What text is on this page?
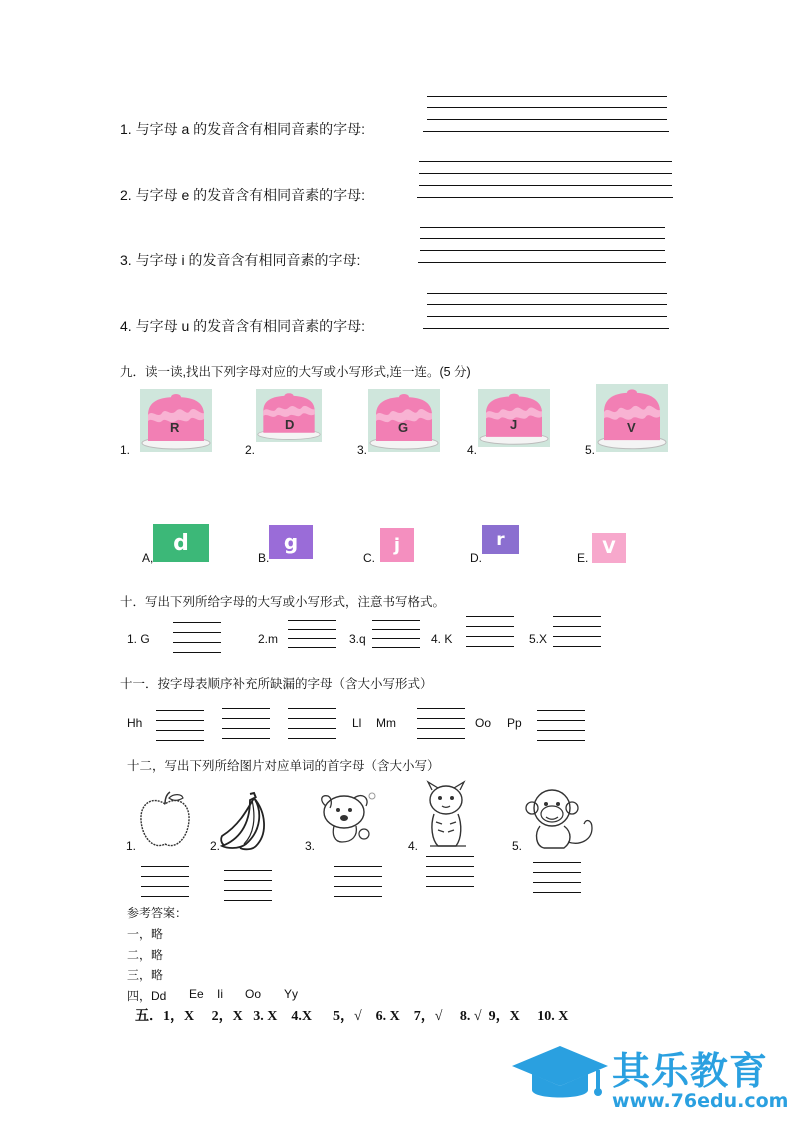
1. 与字母 a 的发音含有相同音素的字母:
2. 与字母 e 的发音含有相同音素的字母:
3. 与字母 i 的发音含有相同音素的字母:
4. 与字母 u 的发音含有相同音素的字母:
九．读一读,找出下列字母对应的大写或小写形式,连一连。(5 分)
1.	2.	3.	4.	5.
R	D	G	J	V
A,	B.	C.	D.	E.
d	g	j	r	V
十．写出下列所给字母的大写或小写形式，注意书写格式。
1. G	2.m	3.q	4. K	5.X
十一．按字母表顺序补充所缺漏的字母（含大小写形式）
Hh	Ll Mm	Oo Pp
十二，写出下列所给图片对应单词的首字母（含大小写）
1.	2.	3.	4.	5.
参考答案：
一，略
二，略
三，略
四，Dd Ee Ii Oo Yy
五．1，X     2，X   3. X    4.X      5，√    6. X    7，√     8. √  9，X     10. X
其乐教育
www.76edu.com
